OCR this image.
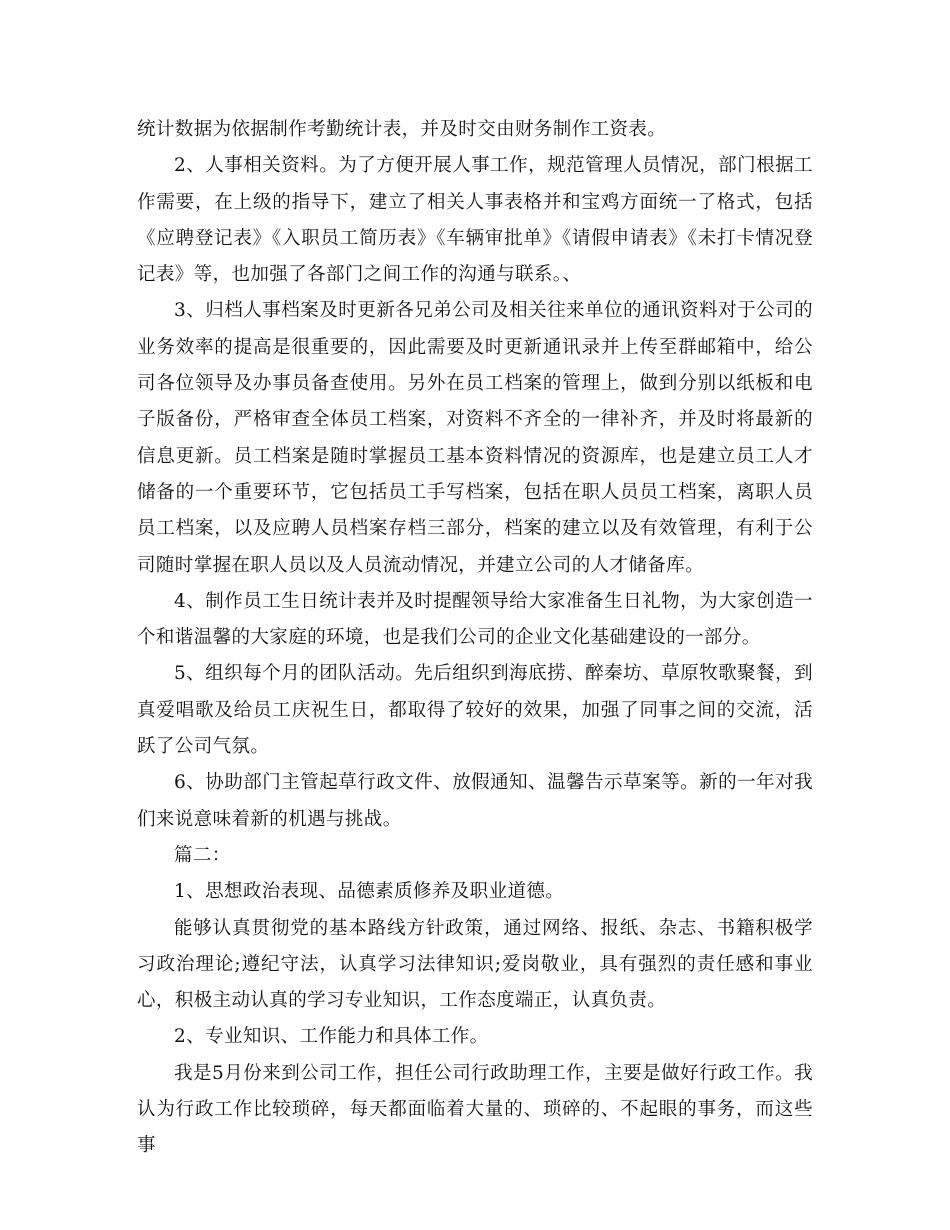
统计数据为依据制作考勤统计表，并及时交由财务制作工资表。

2、人事相关资料。为了方便开展人事工作，规范管理人员情况，部门根据工作需要，在上级的指导下，建立了相关人事表格并和宝鸡方面统一了格式，包括《应聘登记表》《入职员工简历表》《车辆审批单》《请假申请表》《未打卡情况登记表》等，也加强了各部门之间工作的沟通与联系。、

3、归档人事档案及时更新各兄弟公司及相关往来单位的通讯资料对于公司的业务效率的提高是很重要的，因此需要及时更新通讯录并上传至群邮箱中，给公司各位领导及办事员备查使用。另外在员工档案的管理上，做到分别以纸板和电子版备份，严格审查全体员工档案，对资料不齐全的一律补齐，并及时将最新的信息更新。员工档案是随时掌握员工基本资料情况的资源库，也是建立员工人才储备的一个重要环节，它包括员工手写档案，包括在职人员员工档案，离职人员员工档案，以及应聘人员档案存档三部分，档案的建立以及有效管理，有利于公司随时掌握在职人员以及人员流动情况，并建立公司的人才储备库。

4、制作员工生日统计表并及时提醒领导给大家准备生日礼物，为大家创造一个和谐温馨的大家庭的环境，也是我们公司的企业文化基础建设的一部分。

5、组织每个月的团队活动。先后组织到海底捞、醉秦坊、草原牧歌聚餐，到真爱唱歌及给员工庆祝生日，都取得了较好的效果，加强了同事之间的交流，活跃了公司气氛。

6、协助部门主管起草行政文件、放假通知、温馨告示草案等。新的一年对我们来说意味着新的机遇与挑战。

篇二：

1、思想政治表现、品德素质修养及职业道德。

能够认真贯彻党的基本路线方针政策，通过网络、报纸、杂志、书籍积极学习政治理论;遵纪守法，认真学习法律知识;爱岗敬业，具有强烈的责任感和事业心，积极主动认真的学习专业知识，工作态度端正，认真负责。

2、专业知识、工作能力和具体工作。

我是5月份来到公司工作，担任公司行政助理工作，主要是做好行政工作。我认为行政工作比较琐碎，每天都面临着大量的、琐碎的、不起眼的事务，而这些事
